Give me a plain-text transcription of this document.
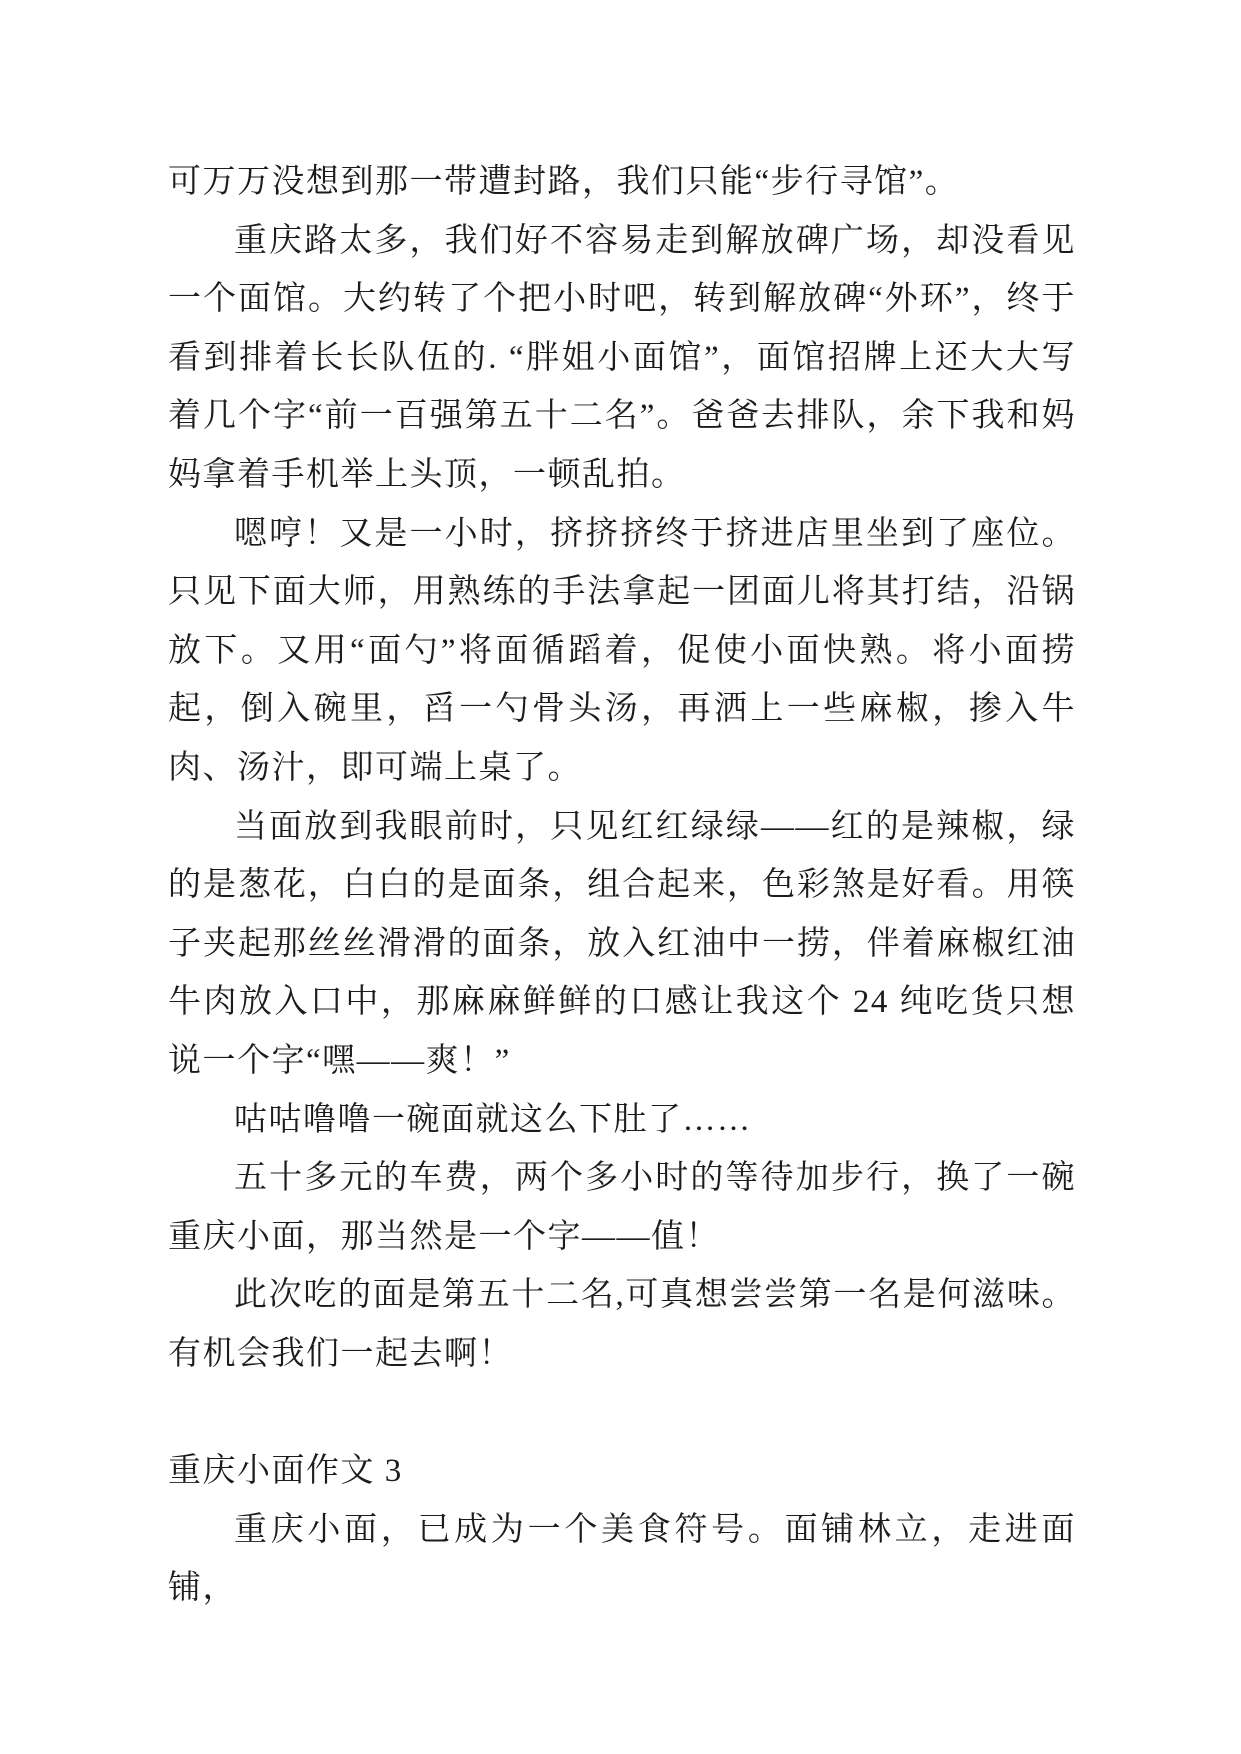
可万万没想到那一带遭封路，我们只能“步行寻馆”。

重庆路太多，我们好不容易走到解放碑广场，却没看见一个面馆。大约转了个把小时吧，转到解放碑“外环”，终于看到排着长长队伍的. “胖姐小面馆”，面馆招牌上还大大写着几个字“前一百强第五十二名”。爸爸去排队，余下我和妈妈拿着手机举上头顶，一顿乱拍。

嗯哼！又是一小时，挤挤挤终于挤进店里坐到了座位。只见下面大师，用熟练的手法拿起一团面儿将其打结，沿锅放下。又用“面勺”将面循蹈着，促使小面快熟。将小面捞起，倒入碗里，舀一勺骨头汤，再洒上一些麻椒，掺入牛肉、汤汁，即可端上桌了。

当面放到我眼前时，只见红红绿绿——红的是辣椒，绿的是葱花，白白的是面条，组合起来，色彩煞是好看。用筷子夹起那丝丝滑滑的面条，放入红油中一捞，伴着麻椒红油牛肉放入口中，那麻麻鲜鲜的口感让我这个 24 纯吃货只想说一个字“嘿——爽！”

咕咕噜噜一碗面就这么下肚了……

五十多元的车费，两个多小时的等待加步行，换了一碗重庆小面，那当然是一个字——值！

此次吃的面是第五十二名,可真想尝尝第一名是何滋味。有机会我们一起去啊！

重庆小面作文 3

重庆小面，已成为一个美食符号。面铺林立，走进面铺，
